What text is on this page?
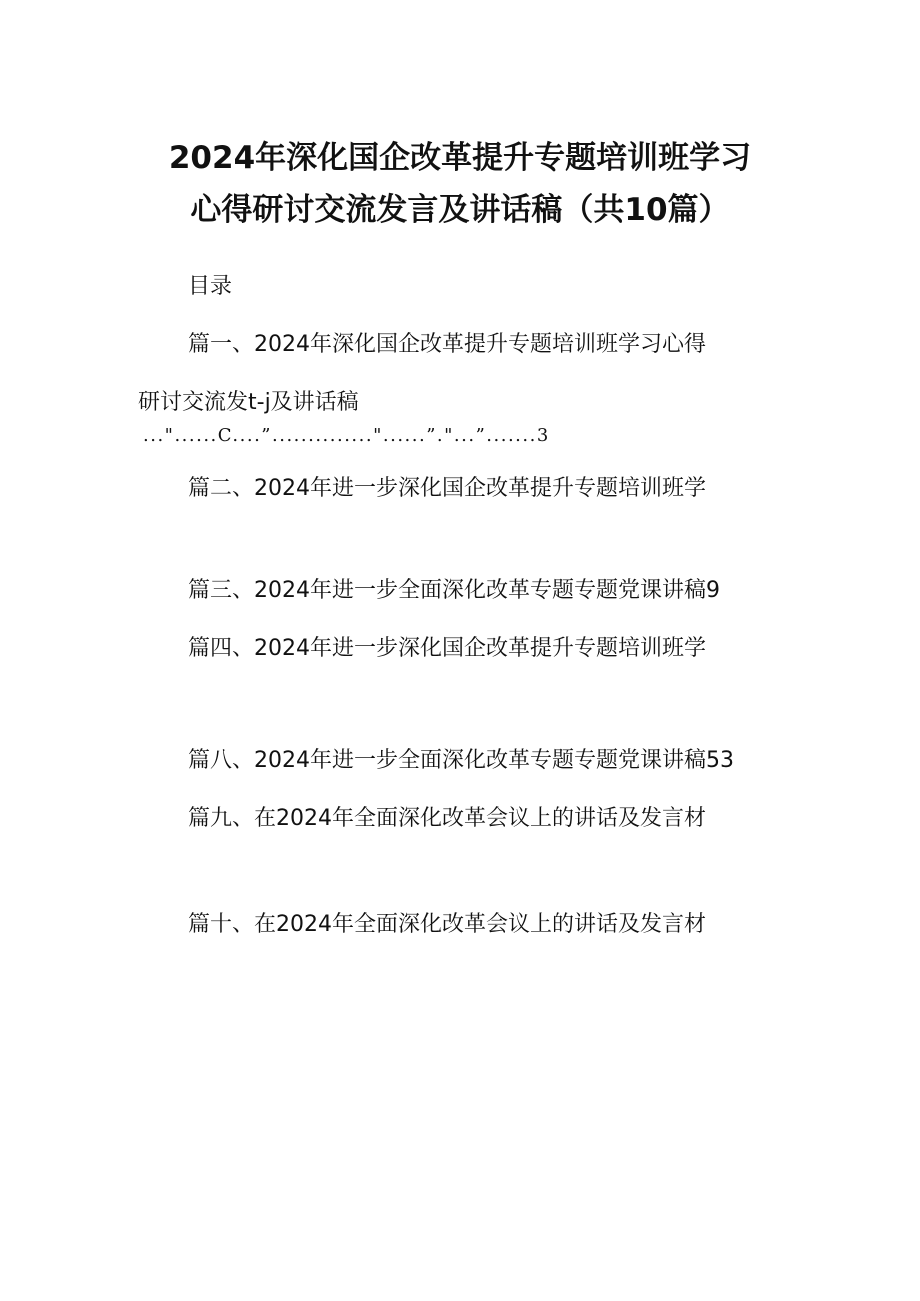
2024年深化国企改革提升专题培训班学习
心得研讨交流发言及讲话稿（共10篇）
目录
篇一、2024年深化国企改革提升专题培训班学习心得
研讨交流发t-j及讲话稿
..."......C....”.............."......”."...”.......3
篇二、2024年进一步深化国企改革提升专题培训班学
篇三、2024年进一步全面深化改革专题专题党课讲稿9
篇四、2024年进一步深化国企改革提升专题培训班学
篇八、2024年进一步全面深化改革专题专题党课讲稿53
篇九、在2024年全面深化改革会议上的讲话及发言材
篇十、在2024年全面深化改革会议上的讲话及发言材
